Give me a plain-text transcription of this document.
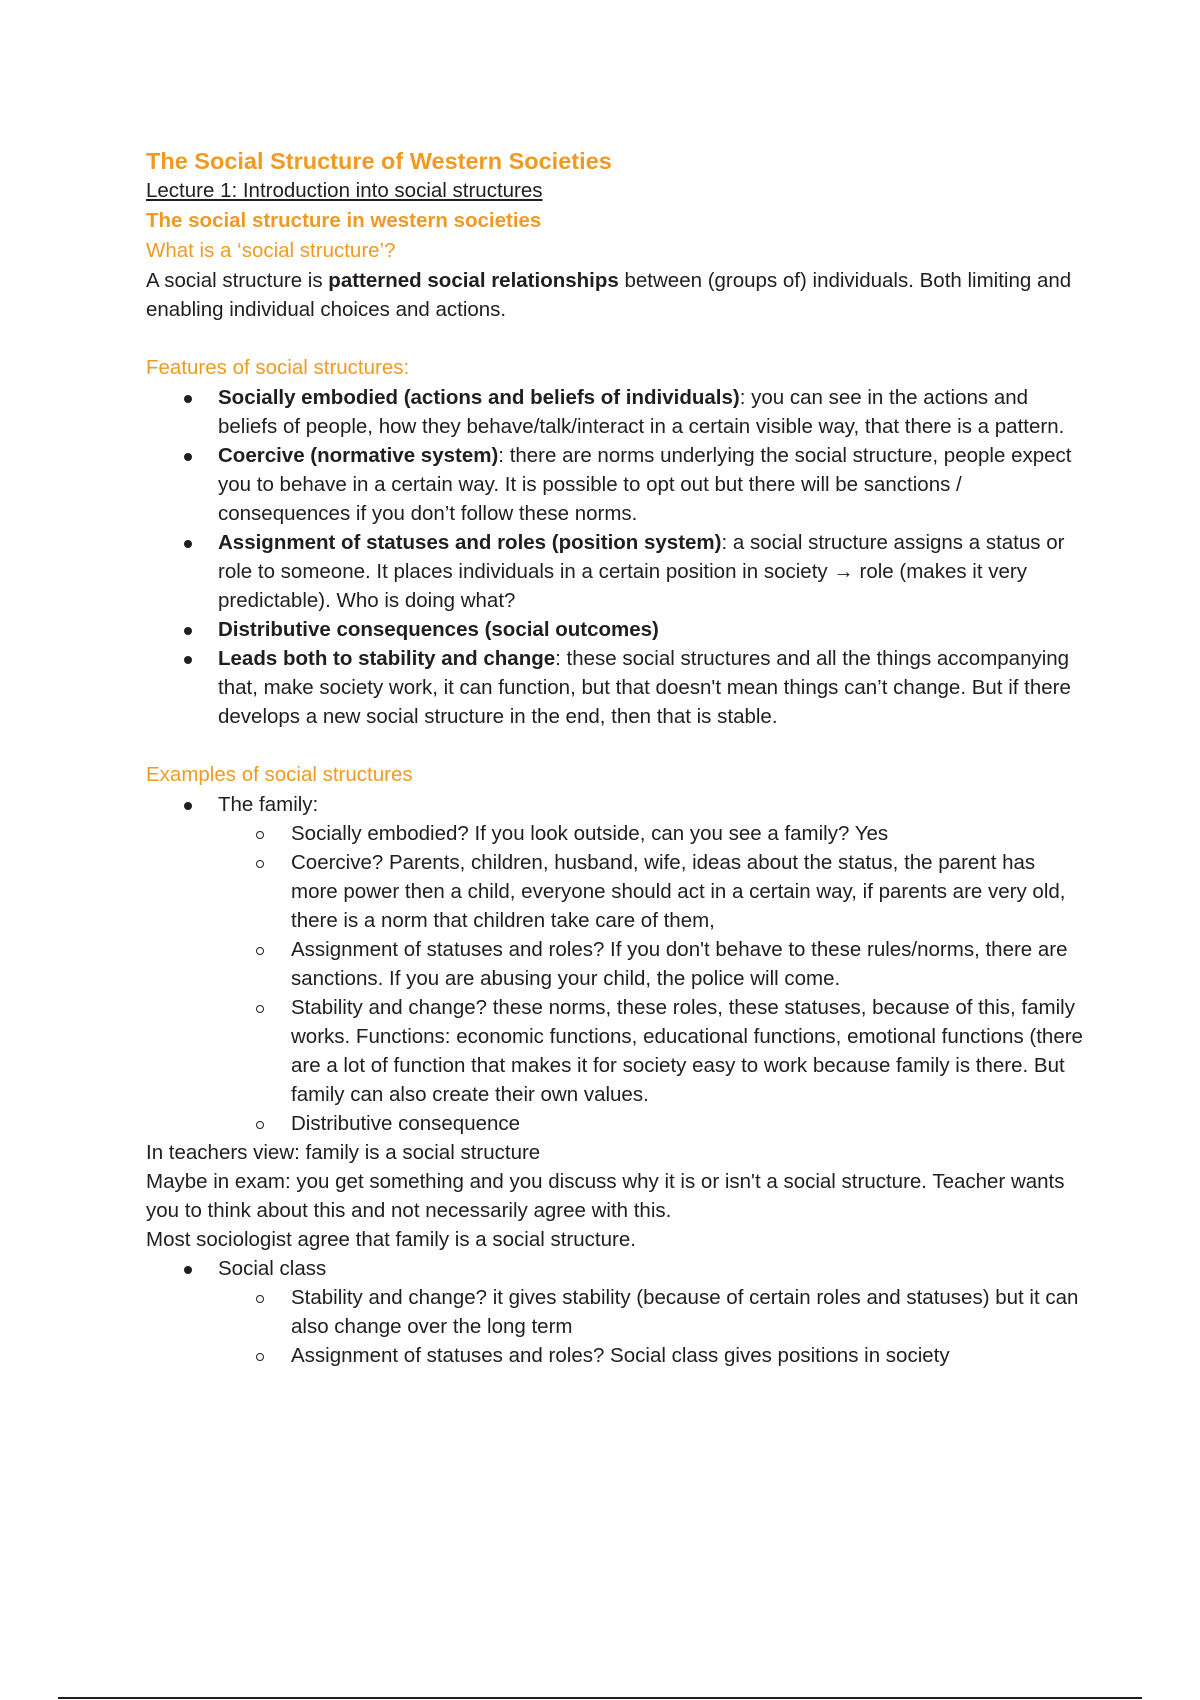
The Social Structure of Western Societies
Lecture 1: Introduction into social structures
The social structure in western societies
What is a ‘social structure’?

A social structure is patterned social relationships between (groups of) individuals. Both limiting and enabling individual choices and actions.

Features of social structures:
Socially embodied (actions and beliefs of individuals): you can see in the actions and beliefs of people, how they behave/talk/interact in a certain visible way, that there is a pattern.
Coercive (normative system): there are norms underlying the social structure, people expect you to behave in a certain way. It is possible to opt out but there will be sanctions / consequences if you don’t follow these norms.
Assignment of statuses and roles (position system): a social structure assigns a status or role to someone. It places individuals in a certain position in society → role (makes it very predictable). Who is doing what?
Distributive consequences (social outcomes)
Leads both to stability and change: these social structures and all the things accompanying that, make society work, it can function, but that doesn't mean things can’t change. But if there develops a new social structure in the end, then that is stable.
Examples of social structures
The family:
Socially embodied? If you look outside, can you see a family? Yes
Coercive? Parents, children, husband, wife, ideas about the status, the parent has more power then a child, everyone should act in a certain way, if parents are very old, there is a norm that children take care of them,
Assignment of statuses and roles? If you don't behave to these rules/norms, there are sanctions. If you are abusing your child, the police will come.
Stability and change? these norms, these roles, these statuses, because of this, family works. Functions: economic functions, educational functions, emotional functions (there are a lot of function that makes it for society easy to work because family is there. But family can also create their own values.
Distributive consequence

In teachers view: family is a social structure

Maybe in exam: you get something and you discuss why it is or isn't a social structure. Teacher wants you to think about this and not necessarily agree with this.

Most sociologist agree that family is a social structure.

Social class
Stability and change? it gives stability (because of certain roles and statuses) but it can also change over the long term
Assignment of statuses and roles? Social class gives positions in society
